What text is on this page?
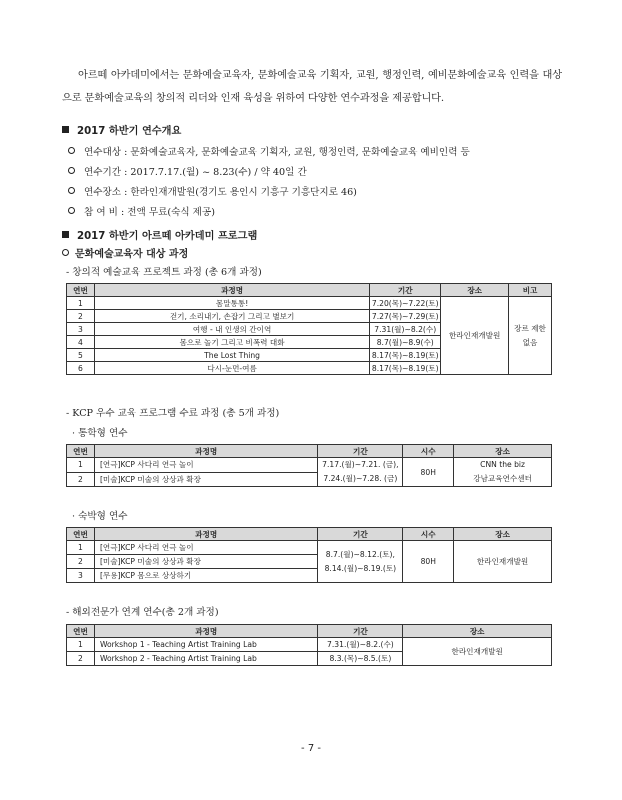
아르떼 아카데미에서는 문화예술교육자, 문화예술교육 기획자, 교원, 행정인력, 예비문화예술교육 인력을 대상으로 문화예술교육의 창의적 리더와 인재 육성을 위하여 다양한 연수과정을 제공합니다.

2017 하반기 연수개요
연수대상 : 문화예술교육자, 문화예술교육 기획자, 교원, 행정인력, 문화예술교육 예비인력 등
연수기간 : 2017.7.17.(월) ~ 8.23(수) / 약 40일 간
연수장소 : 한라인재개발원(경기도 용인시 기흥구 기흥단지로 46)
참 여 비 : 전액 무료(숙식 제공)
2017 하반기 아르떼 아카데미 프로그램
문화예술교육자 대상 과정
- 창의적 예술교육 프로젝트 과정 (총 6개 과정)
연번	과정명	기간	장소	비고
1	몸말통통!	7.20(목)~7.22(토)	한라인재개발원	장르 제한
없음
2	걷기, 소리내기, 손잡기 그리고 별보기	7.27(목)~7.29(토)		
3	여행 - 내 인생의 간이역	7.31(월)~8.2(수)		
4	몸으로 놀기 그리고 비폭력 대화	8.7(월)~8.9(수)		
5	The Lost Thing	8.17(목)~8.19(토)		
6	다시-눈먼-여름	8.17(목)~8.19(토)		
- KCP 우수 교육 프로그램 수료 과정 (총 5개 과정)
· 통학형 연수
연번	과정명	기간	시수	장소
1	[연극]KCP 사다리 연극 놀이	7.17.(월)~7.21. (금),
7.24.(월)~7.28. (금)	80H	CNN the biz
강남교육연수센터
2	[미술]KCP 미술의 상상과 확장			
· 숙박형 연수
연번	과정명	기간	시수	장소
1	[연극]KCP 사다리 연극 놀이	8.7.(월)~8.12.(토),
8.14.(월)~8.19.(토)	80H	한라인재개발원
2	[미술]KCP 미술의 상상과 확장			
3	[무용]KCP 몸으로 상상하기			
- 해외전문가 연계 연수(총 2개 과정)
연번	과정명	기간	장소
1	Workshop 1 - Teaching Artist Training Lab	7.31.(월)~8.2.(수)	한라인재개발원
2	Workshop 2 - Teaching Artist Training Lab	8.3.(목)~8.5.(토)	
- 7 -
